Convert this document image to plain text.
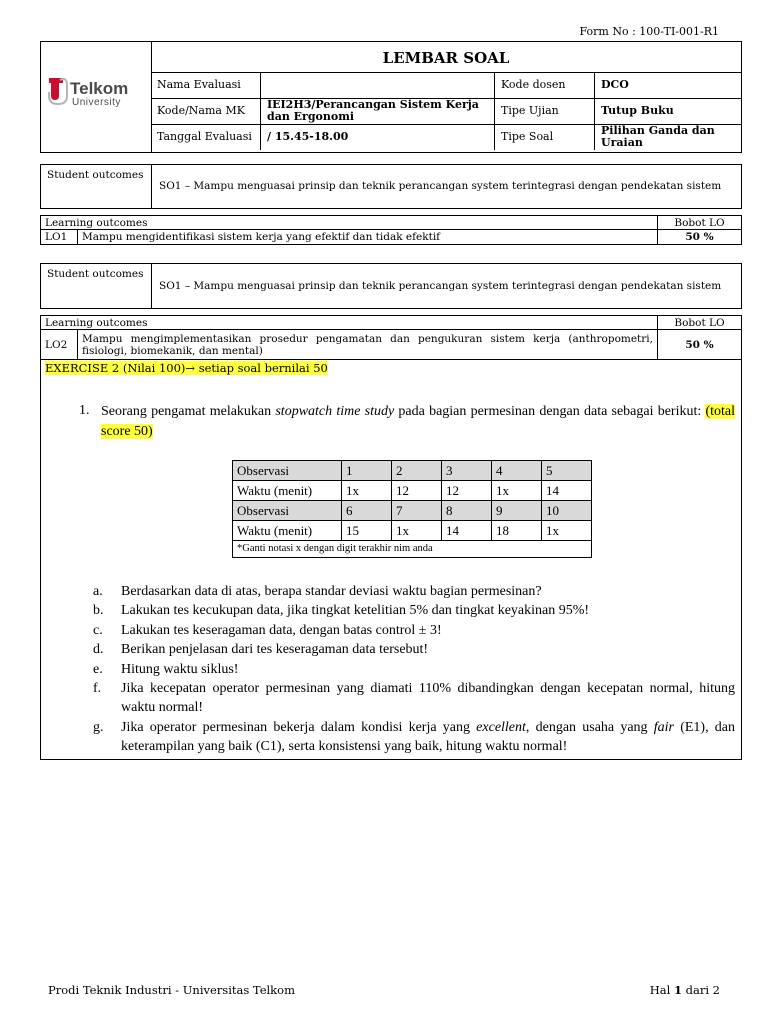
Form No : 100-TI-001-R1
Telkom
University
LEMBAR SOAL
Nama Evaluasi		Kode dosen	DCO
Kode/Nama MK	IEI2H3/Perancangan Sistem Kerja dan Ergonomi	Tipe Ujian	Tutup Buku
Tanggal Evaluasi	/ 15.45-18.00	Tipe Soal	Pilihan Ganda dan Uraian
Student outcomes
SO1 – Mampu menguasai prinsip dan teknik perancangan system terintegrasi dengan pendekatan sistem
Learning outcomes		Bobot LO
LO1	Mampu mengidentifikasi sistem kerja yang efektif dan tidak efektif	50 %
Student outcomes
SO1 – Mampu menguasai prinsip dan teknik perancangan system terintegrasi dengan pendekatan sistem
Learning outcomes		Bobot LO
LO2	Mampu mengimplementasikan prosedur pengamatan dan pengukuran sistem kerja (anthropometri, fisiologi, biomekanik, dan mental)	50 %
EXERCISE 2 (Nilai 100)→ setiap soal bernilai 50
1. Seorang pengamat melakukan stopwatch time study pada bagian permesinan dengan data sebagai berikut: (total score 50)
Observasi	1	2	3	4	5
Waktu (menit)	1x	12	12	1x	14
Observasi	6	7	8	9	10
Waktu (menit)	15	1x	14	18	1x
*Ganti notasi x dengan digit terakhir nim anda					
a.	Berdasarkan data di atas, berapa standar deviasi waktu bagian permesinan?
b.	Lakukan tes kecukupan data, jika tingkat ketelitian 5% dan tingkat keyakinan 95%!
c.	Lakukan tes keseragaman data, dengan batas control ± 3!
d.	Berikan penjelasan dari tes keseragaman data tersebut!
e.	Hitung waktu siklus!
f.	Jika kecepatan operator permesinan yang diamati 110% dibandingkan dengan kecepatan normal, hitung waktu normal!
g.	Jika operator permesinan bekerja dalam kondisi kerja yang excellent, dengan usaha yang fair (E1), dan keterampilan yang baik (C1), serta konsistensi yang baik, hitung waktu normal!
Prodi Teknik Industri - Universitas Telkom	Hal 1 dari 2
